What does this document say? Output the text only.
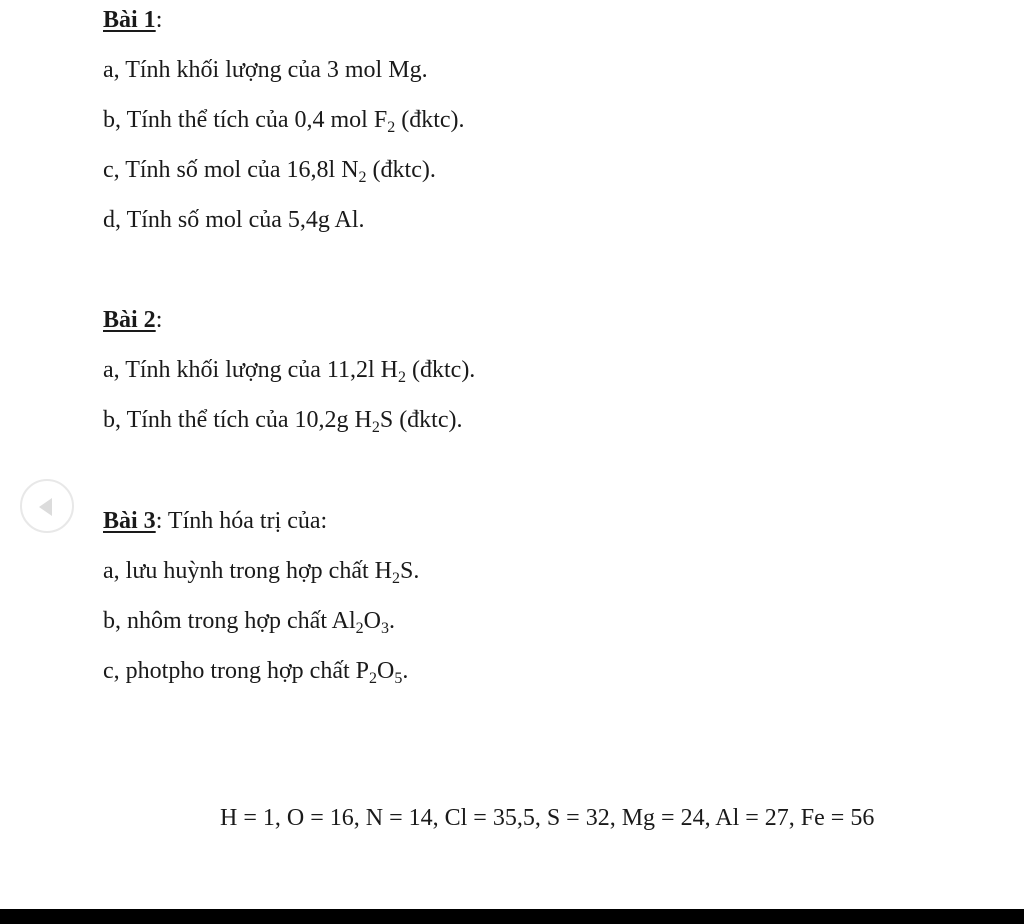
Bài 1:
a, Tính khối lượng của 3 mol Mg.
b, Tính thể tích của 0,4 mol $F_2$ (đktc).
c, Tính số mol của 16,8l $N_2$ (đktc).
d, Tính số mol của 5,4g Al.
Bài 2:
a, Tính khối lượng của 11,2l $H_2$ (đktc).
b, Tính thể tích của 10,2g $H_2S$ (đktc).
Bài 3: Tính hóa trị của:
a, lưu huỳnh trong hợp chất $H_2S$.
b, nhôm trong hợp chất $Al_2O_3$.
c, photpho trong hợp chất $P_2O_5$.
H = 1, O = 16, N = 14, Cl = 35,5, S = 32, Mg = 24, Al = 27, Fe = 56
